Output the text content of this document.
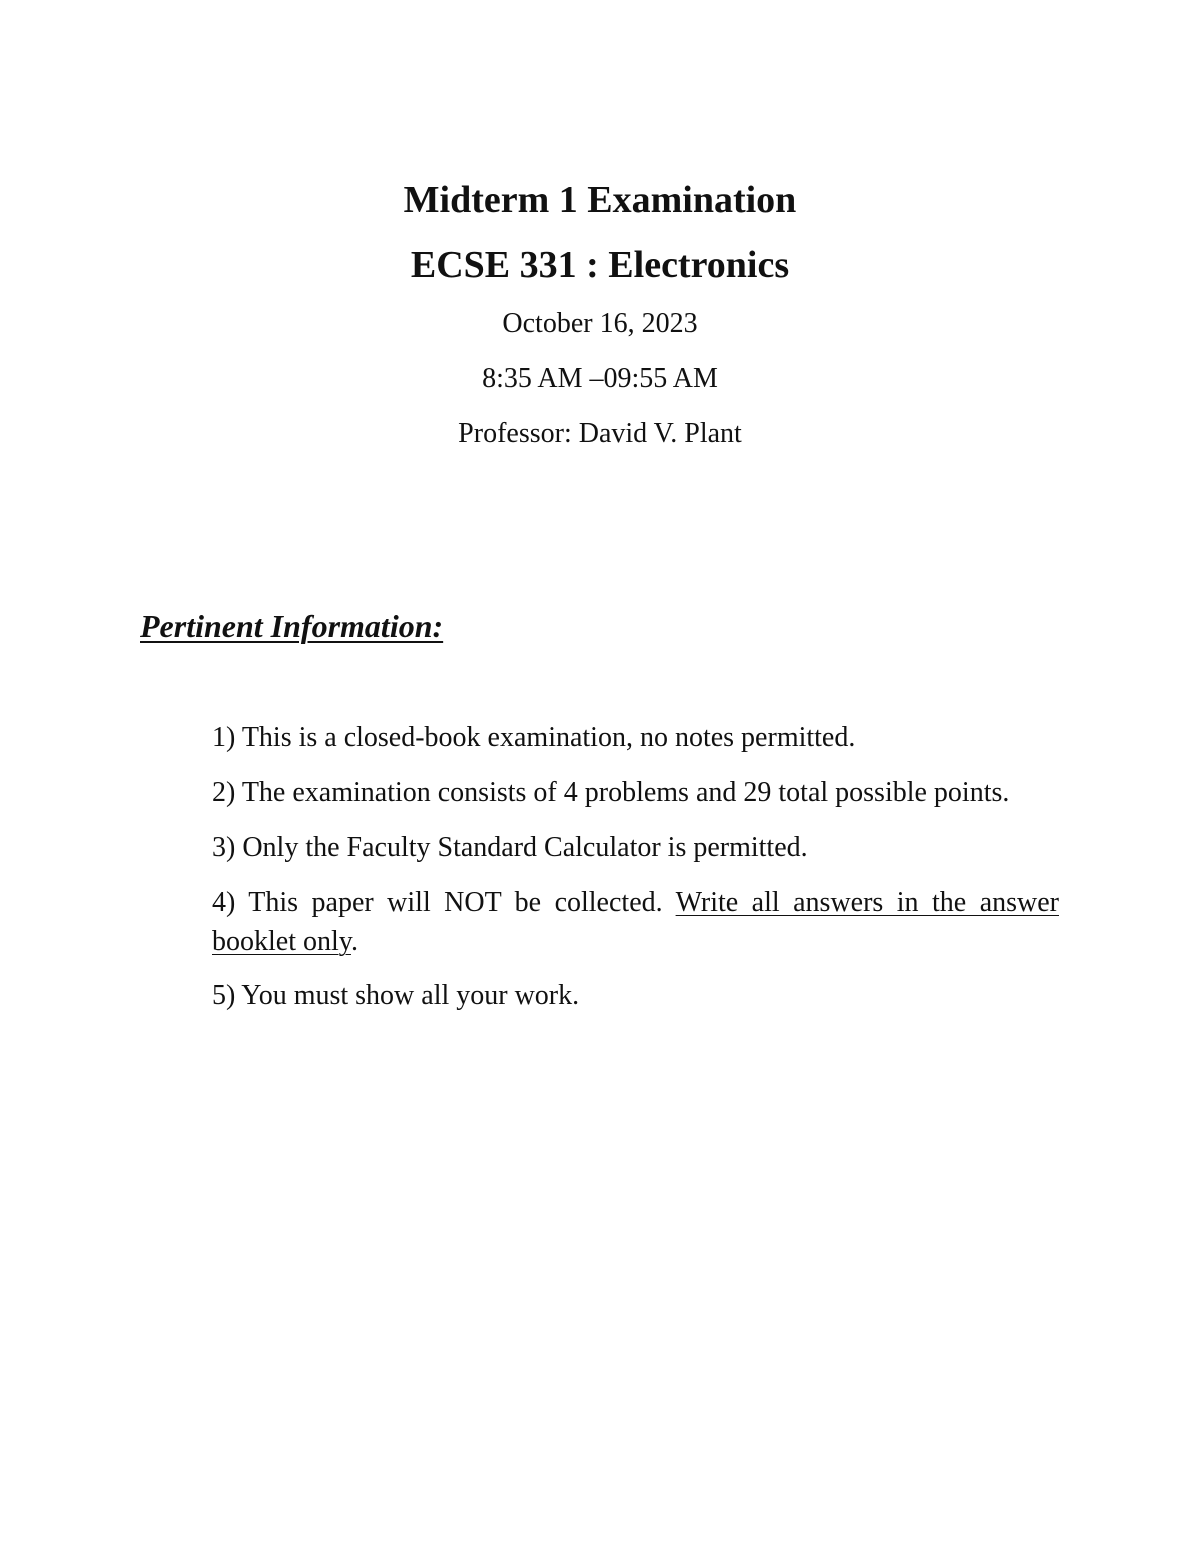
Midterm 1 Examination
ECSE 331 : Electronics
October 16, 2023
8:35 AM –09:55 AM
Professor: David V. Plant
Pertinent Information:
1) This is a closed-book examination, no notes permitted.
2) The examination consists of 4 problems and 29 total possible points.
3) Only the Faculty Standard Calculator is permitted.
4) This paper will NOT be collected. Write all answers in the answer booklet only.
5) You must show all your work.
